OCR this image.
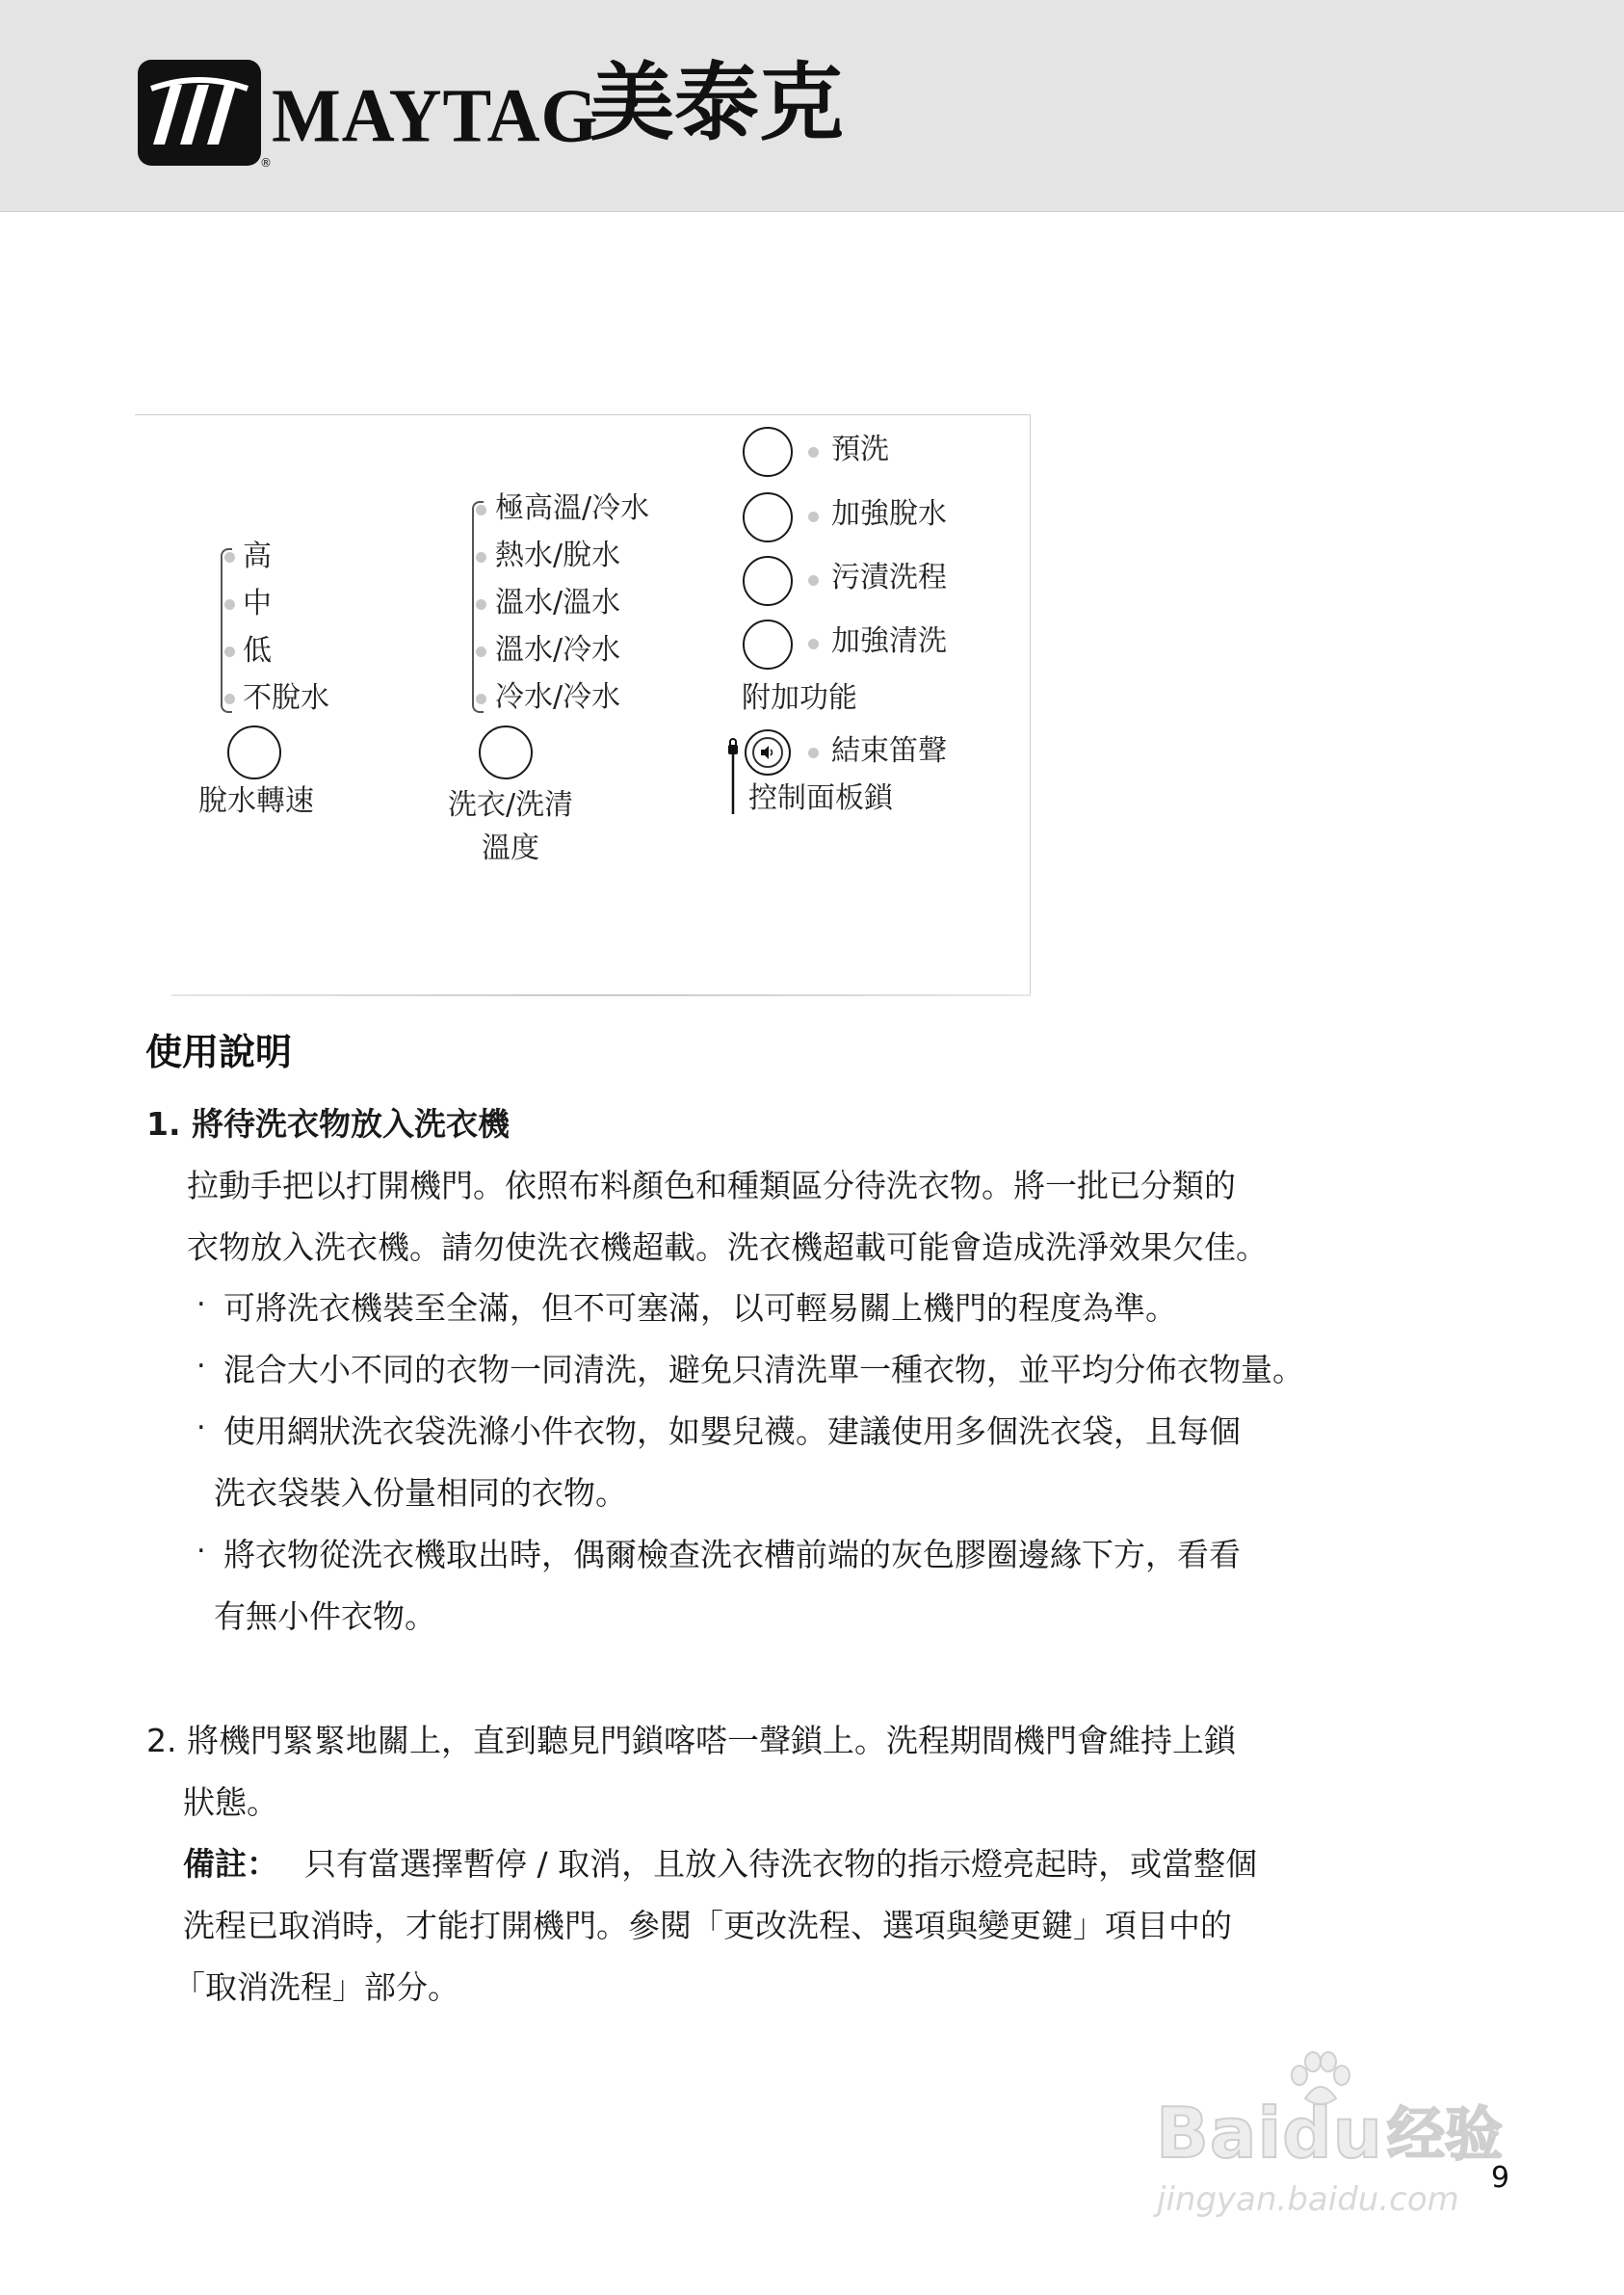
®
MAYTAG
美泰克
高
中
低
不脫水
脫水轉速
極高溫/冷水
熱水/脫水
溫水/溫水
溫水/冷水
冷水/冷水
洗衣/洗清
溫度
預洗
加強脫水
污漬洗程
加強清洗
附加功能
結束笛聲
控制面板鎖
使用說明
1. 將待洗衣物放入洗衣機
拉動手把以打開機門。依照布料顏色和種類區分待洗衣物。將一批已分類的
衣物放入洗衣機。請勿使洗衣機超載。洗衣機超載可能會造成洗淨效果欠佳。
‧ 可將洗衣機裝至全滿，但不可塞滿，以可輕易關上機門的程度為準。
‧ 混合大小不同的衣物一同清洗，避免只清洗單一種衣物，並平均分佈衣物量。
‧ 使用網狀洗衣袋洗滌小件衣物，如嬰兒襪。建議使用多個洗衣袋，且每個
洗衣袋裝入份量相同的衣物。
‧ 將衣物從洗衣機取出時，偶爾檢查洗衣槽前端的灰色膠圈邊緣下方，看看
有無小件衣物。
2. 將機門緊緊地關上，直到聽見門鎖喀嗒一聲鎖上。洗程期間機門會維持上鎖
狀態。
備註： 只有當選擇暫停 / 取消，且放入待洗衣物的指示燈亮起時，或當整個
洗程已取消時，才能打開機門。參閱「更改洗程、選項與變更鍵」項目中的
「取消洗程」部分。
Baidu 经验
jingyan.baidu.com
9
